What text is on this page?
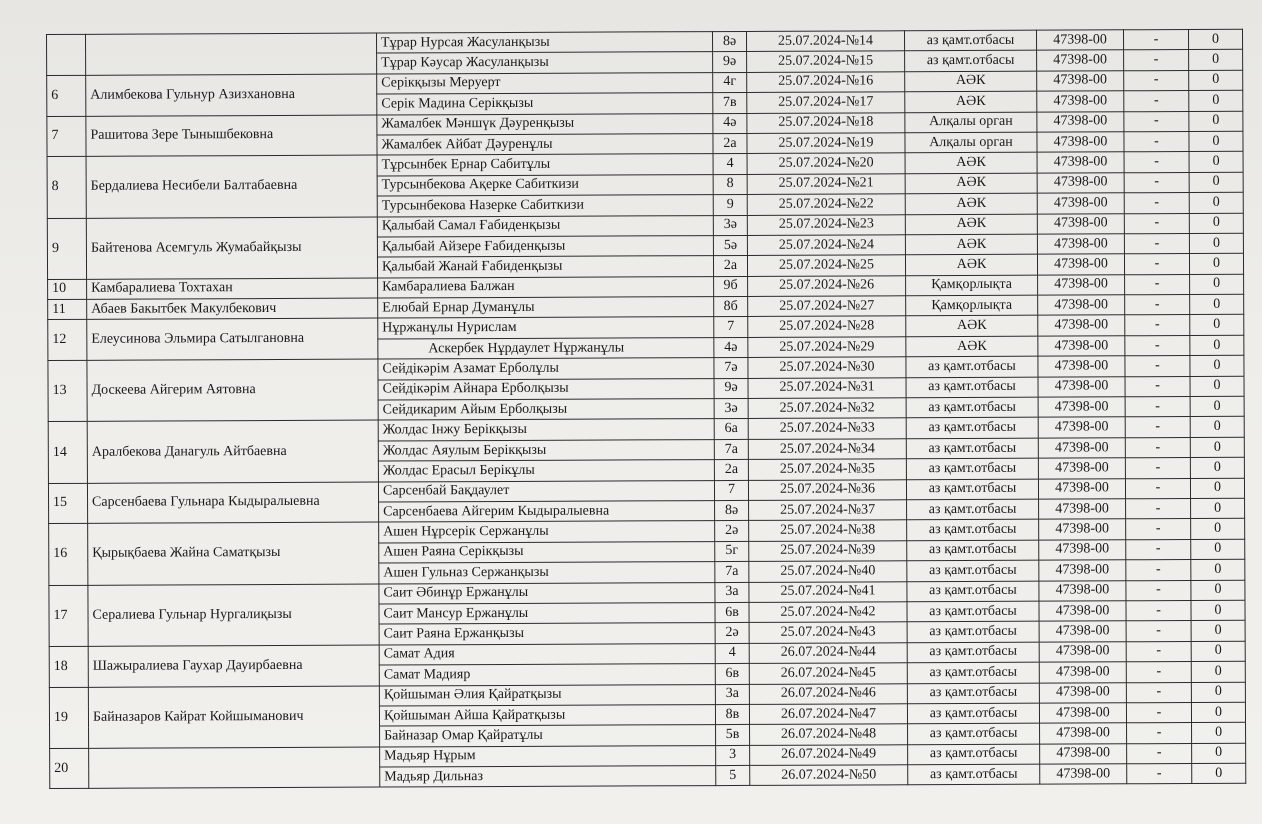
		Тұрар Нурсая Жасуланқызы	8ә	25.07.2024-№14	аз қамт.отбасы	47398-00	-	0
		Тұрар Кәусар Жасуланқызы	9ә	25.07.2024-№15	аз қамт.отбасы	47398-00	-	0
6	Алимбекова Гульнур Азизхановна	Серікқызы Меруерт	4г	25.07.2024-№16	АӘК	47398-00	-	0
		Серік Мадина Серікқызы	7в	25.07.2024-№17	АӘК	47398-00	-	0
7	Рашитова Зере Тынышбековна	Жамалбек Мәншүк Дәуренқызы	4ә	25.07.2024-№18	Алқалы орган	47398-00	-	0
		Жамалбек Айбат Дәуренұлы	2а	25.07.2024-№19	Алқалы орган	47398-00	-	0
8	Бердалиева Несибели Балтабаевна	Тұрсынбек Ернар Сабитұлы	4	25.07.2024-№20	АӘК	47398-00	-	0
		Турсынбекова Ақерке Сабиткизи	8	25.07.2024-№21	АӘК	47398-00	-	0
		Турсынбекова Назерке Сабиткизи	9	25.07.2024-№22	АӘК	47398-00	-	0
9	Байтенова Асемгуль Жумабайқызы	Қалыбай Самал Ғабиденқызы	3ә	25.07.2024-№23	АӘК	47398-00	-	0
		Қалыбай Айзере Ғабиденқызы	5ә	25.07.2024-№24	АӘК	47398-00	-	0
		Қалыбай Жанай Ғабиденқызы	2а	25.07.2024-№25	АӘК	47398-00	-	0
10	Камбаралиева Тохтахан	Камбаралиева Балжан	9б	25.07.2024-№26	Қамқорлықта	47398-00	-	0
11	Абаев Бакытбек Макулбекович	Елюбай Ернар Думанұлы	8б	25.07.2024-№27	Қамқорлықта	47398-00	-	0
12	Елеусинова Эльмира Сатылгановна	Нұржанұлы Нурислам	7	25.07.2024-№28	АӘК	47398-00	-	0
		Аскербек Нұрдаулет Нұржанұлы	4ә	25.07.2024-№29	АӘК	47398-00	-	0
13	Доскеева Айгерим Аятовна	Сейдікәрім Азамат Ерболұлы	7ә	25.07.2024-№30	аз қамт.отбасы	47398-00	-	0
		Сейдікәрім Айнара Ерболқызы	9ә	25.07.2024-№31	аз қамт.отбасы	47398-00	-	0
		Сейдикарим Айым Ерболқызы	3ә	25.07.2024-№32	аз қамт.отбасы	47398-00	-	0
14	Аралбекова Данагуль Айтбаевна	Жолдас Інжу Берікқызы	6а	25.07.2024-№33	аз қамт.отбасы	47398-00	-	0
		Жолдас Аяулым Берікқызы	7а	25.07.2024-№34	аз қамт.отбасы	47398-00	-	0
		Жолдас Ерасыл Берікұлы	2а	25.07.2024-№35	аз қамт.отбасы	47398-00	-	0
15	Сарсенбаева Гульнара Кыдыралыевна	Сарсенбай Бақдаулет	7	25.07.2024-№36	аз қамт.отбасы	47398-00	-	0
		Сарсенбаева Айгерим Кыдыралыевна	8ә	25.07.2024-№37	аз қамт.отбасы	47398-00	-	0
16	Қырықбаева Жайна Саматқызы	Ашен Нұрсерік Сержанұлы	2ә	25.07.2024-№38	аз қамт.отбасы	47398-00	-	0
		Ашен Раяна Серікқызы	5г	25.07.2024-№39	аз қамт.отбасы	47398-00	-	0
		Ашен Гульназ Сержанқызы	7а	25.07.2024-№40	аз қамт.отбасы	47398-00	-	0
17	Сералиева Гульнар Нургалиқызы	Саит Әбинұр Ержанұлы	3а	25.07.2024-№41	аз қамт.отбасы	47398-00	-	0
		Саит Мансур Ержанұлы	6в	25.07.2024-№42	аз қамт.отбасы	47398-00	-	0
		Саит Раяна Ержанқызы	2ә	25.07.2024-№43	аз қамт.отбасы	47398-00	-	0
18	Шажыралиева Гаухар Дауирбаевна	Самат Адия	4	26.07.2024-№44	аз қамт.отбасы	47398-00	-	0
		Самат Мадияр	6в	26.07.2024-№45	аз қамт.отбасы	47398-00	-	0
19	Байназаров Кайрат Койшыманович	Қойшыман Әлия Қайратқызы	3а	26.07.2024-№46	аз қамт.отбасы	47398-00	-	0
		Қойшыман Айша Қайратқызы	8в	26.07.2024-№47	аз қамт.отбасы	47398-00	-	0
		Байназар Омар Қайратұлы	5в	26.07.2024-№48	аз қамт.отбасы	47398-00	-	0
20		Мадьяр Нұрым	3	26.07.2024-№49	аз қамт.отбасы	47398-00	-	0
		Мадьяр Дильназ	5	26.07.2024-№50	аз қамт.отбасы	47398-00	-	0
